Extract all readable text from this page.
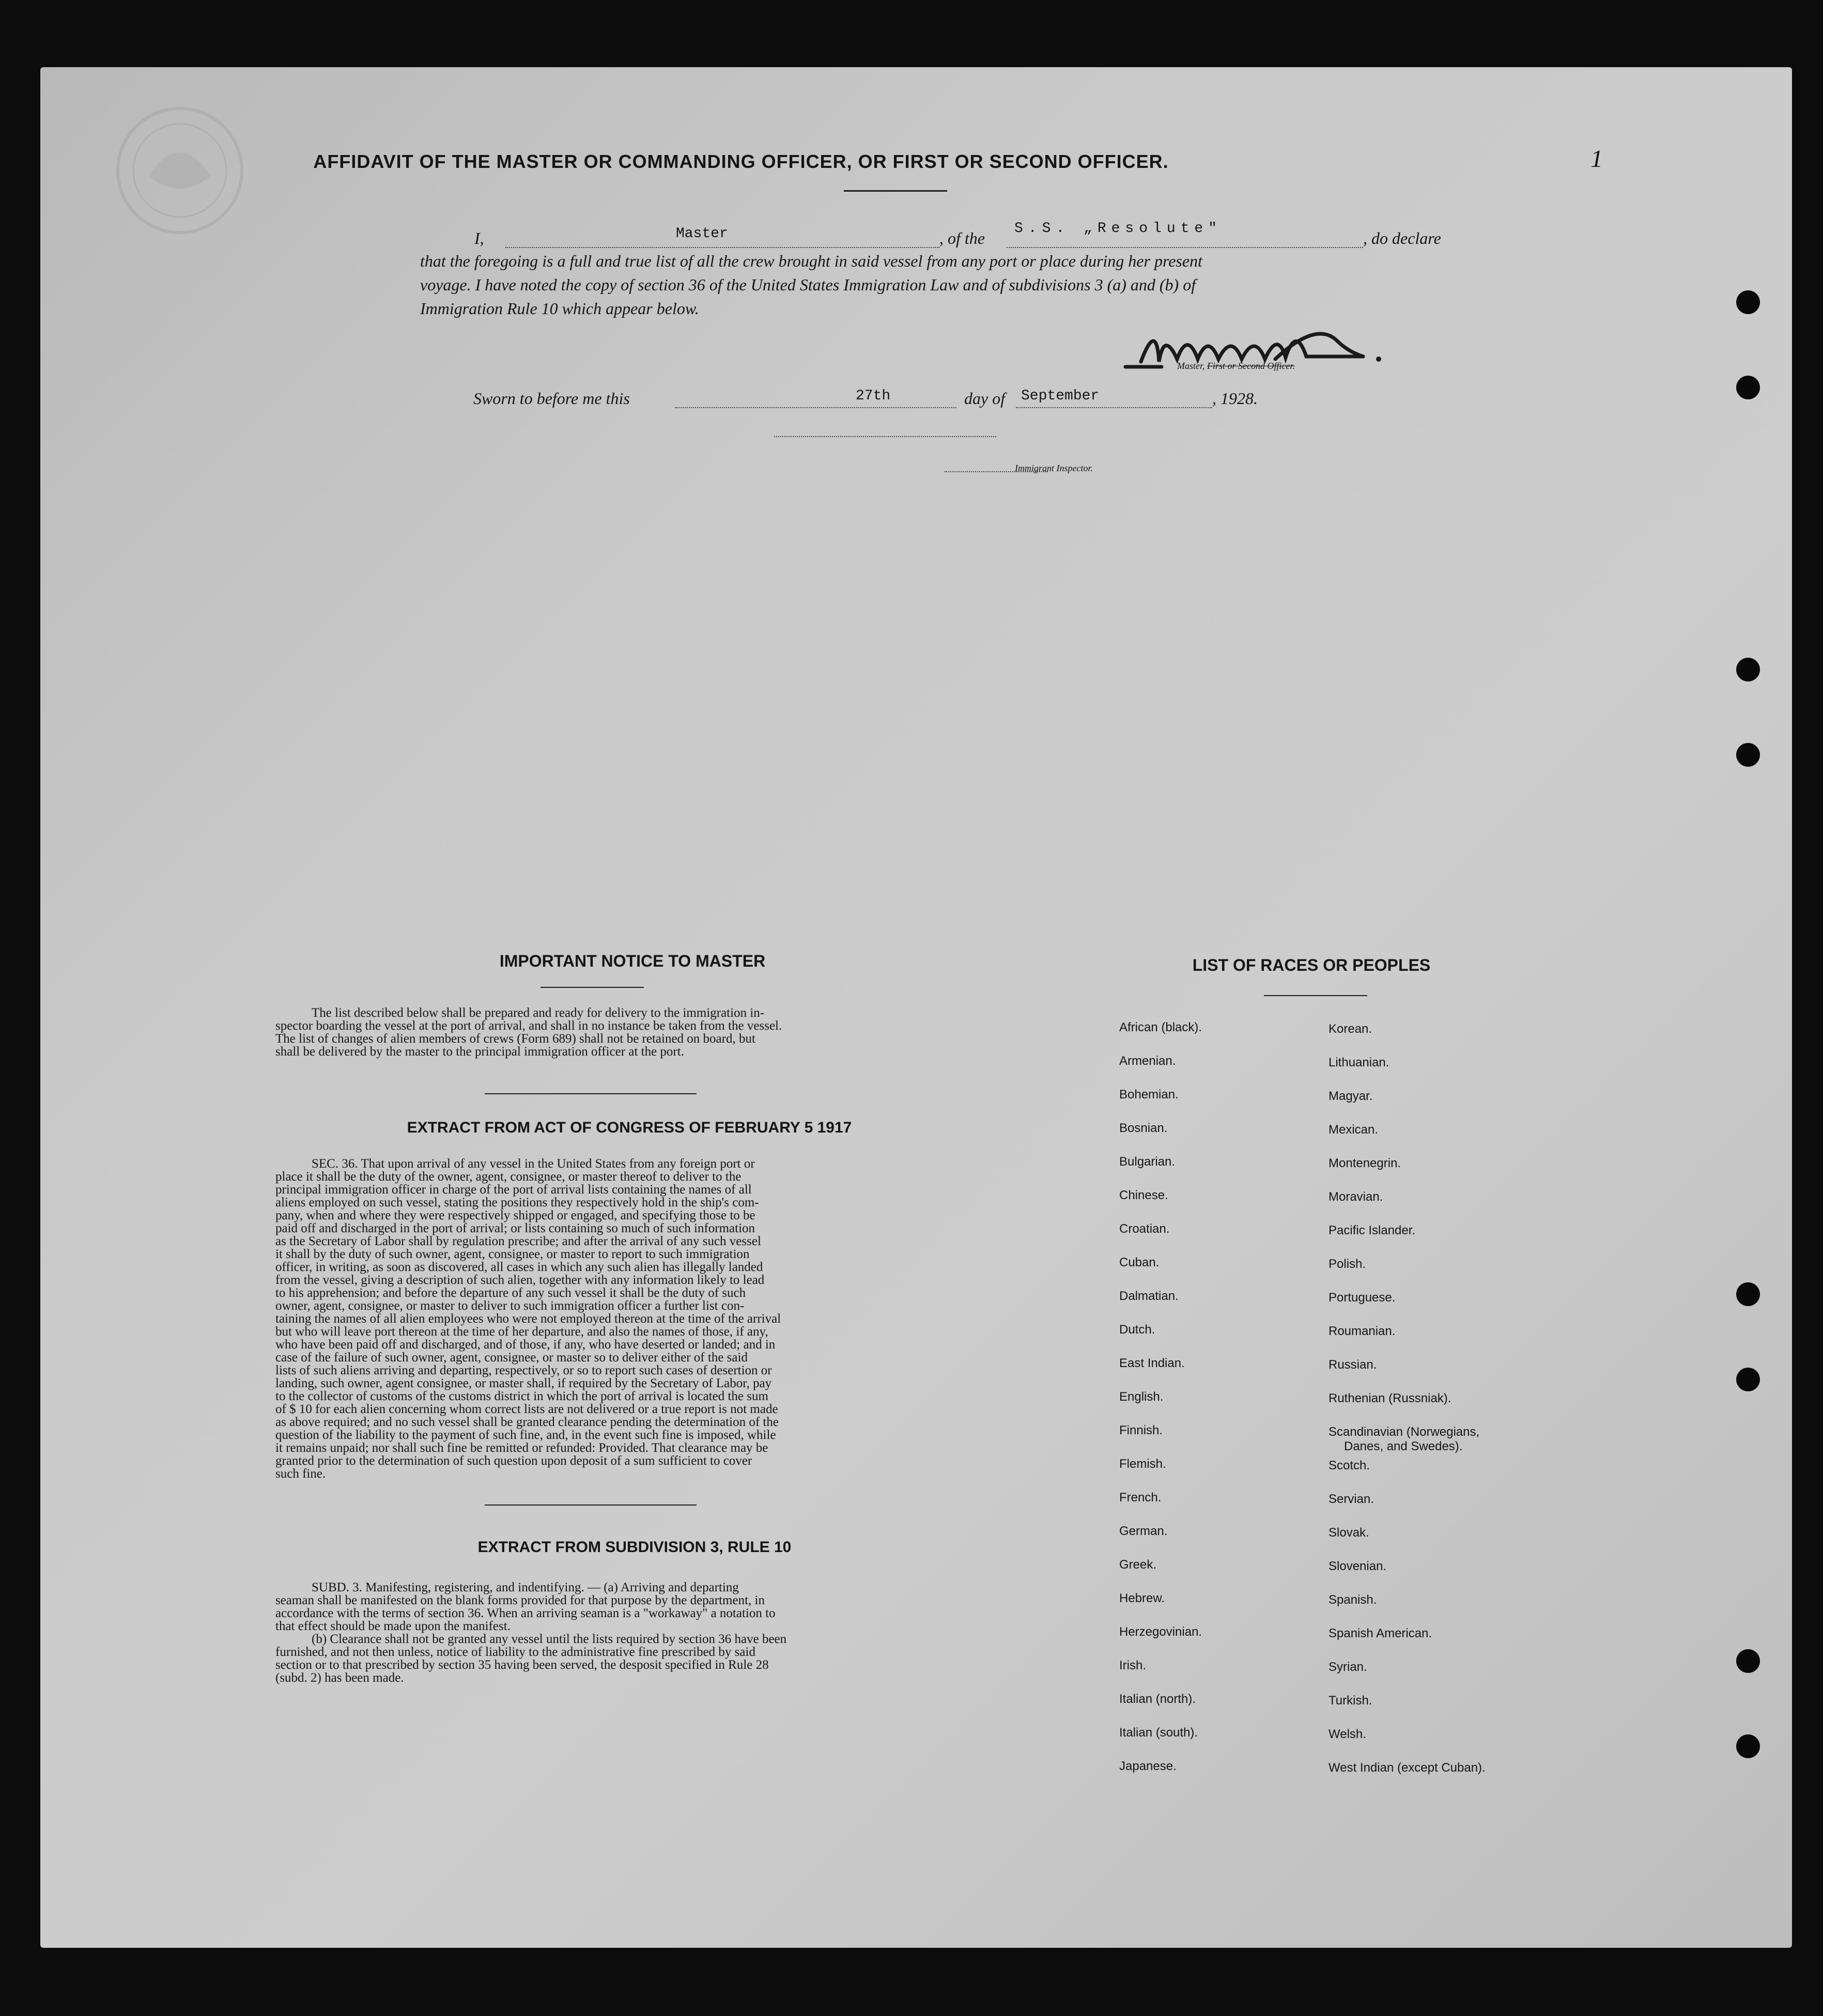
1
AFFIDAVIT OF THE MASTER OR COMMANDING OFFICER, OR FIRST OR SECOND OFFICER.
I,	Master	, of the
S.S. „Resolute"
, do declare
that the foregoing is a full and true list of all the crew brought in said vessel from any port or place during her present
voyage. I have noted the copy of section 36 of the United States Immigration Law and of subdivisions 3 (a) and (b) of
Immigration Rule 10 which appear below.
Master, First or Second Officer.
Sworn to before me this	27th	day of September	, 1928.
Immigrant Inspector.
IMPORTANT NOTICE TO MASTER
The list described below shall be prepared and ready for delivery to the immigration in-
spector boarding the vessel at the port of arrival, and shall in no instance be taken from the vessel.
The list of changes of alien members of crews (Form 689) shall not be retained on board, but
shall be delivered by the master to the principal immigration officer at the port.
EXTRACT FROM ACT OF CONGRESS OF FEBRUARY 5 1917
SEC. 36. That upon arrival of any vessel in the United States from any foreign port or
place it shall be the duty of the owner, agent, consignee, or master thereof to deliver to the
principal immigration officer in charge of the port of arrival lists containing the names of all
aliens employed on such vessel, stating the positions they respectively hold in the ship's com-
pany, when and where they were respectively shipped or engaged, and specifying those to be
paid off and discharged in the port of arrival; or lists containing so much of such information
as the Secretary of Labor shall by regulation prescribe; and after the arrival of any such vessel
it shall by the duty of such owner, agent, consignee, or master to report to such immigration
officer, in writing, as soon as discovered, all cases in which any such alien has illegally landed
from the vessel, giving a description of such alien, together with any information likely to lead
to his apprehension; and before the departure of any such vessel it shall be the duty of such
owner, agent, consignee, or master to deliver to such immigration officer a further list con-
taining the names of all alien employees who were not employed thereon at the time of the arrival
but who will leave port thereon at the time of her departure, and also the names of those, if any,
who have been paid off and discharged, and of those, if any, who have deserted or landed; and in
case of the failure of such owner, agent, consignee, or master so to deliver either of the said
lists of such aliens arriving and departing, respectively, or so to report such cases of desertion or
landing, such owner, agent consignee, or master shall, if required by the Secretary of Labor, pay
to the collector of customs of the customs district in which the port of arrival is located the sum
of $ 10 for each alien concerning whom correct lists are not delivered or a true report is not made
as above required; and no such vessel shall be granted clearance pending the determination of the
question of the liability to the payment of such fine, and, in the event such fine is imposed, while
it remains unpaid; nor shall such fine be remitted or refunded: Provided. That clearance may be
granted prior to the determination of such question upon deposit of a sum sufficient to cover
such fine.
EXTRACT FROM SUBDIVISION 3, RULE 10
SUBD. 3. Manifesting, registering, and indentifying. — (a) Arriving and departing
seaman shall be manifested on the blank forms provided for that purpose by the department, in
accordance with the terms of section 36. When an arriving seaman is a "workaway" a notation to
that effect should be made upon the manifest.
(b) Clearance shall not be granted any vessel until the lists required by section 36 have been
furnished, and not then unless, notice of liability to the administrative fine prescribed by said
section or to that prescribed by section 35 having been served, the desposit specified in Rule 28
(subd. 2) has been made.
LIST OF RACES OR PEOPLES
African (black).
Armenian.
Bohemian.
Bosnian.
Bulgarian.
Chinese.
Croatian.
Cuban.
Dalmatian.
Dutch.
East Indian.
English.
Finnish.
Flemish.
French.
German.
Greek.
Hebrew.
Herzegovinian.
Irish.
Italian (north).
Italian (south).
Japanese.
Korean.
Lithuanian.
Magyar.
Mexican.
Montenegrin.
Moravian.
Pacific Islander.
Polish.
Portuguese.
Roumanian.
Russian.
Ruthenian (Russniak).
Scandinavian (Norwegians,
Danes, and Swedes).
Scotch.
Servian.
Slovak.
Slovenian.
Spanish.
Spanish American.
Syrian.
Turkish.
Welsh.
West Indian (except Cuban).
